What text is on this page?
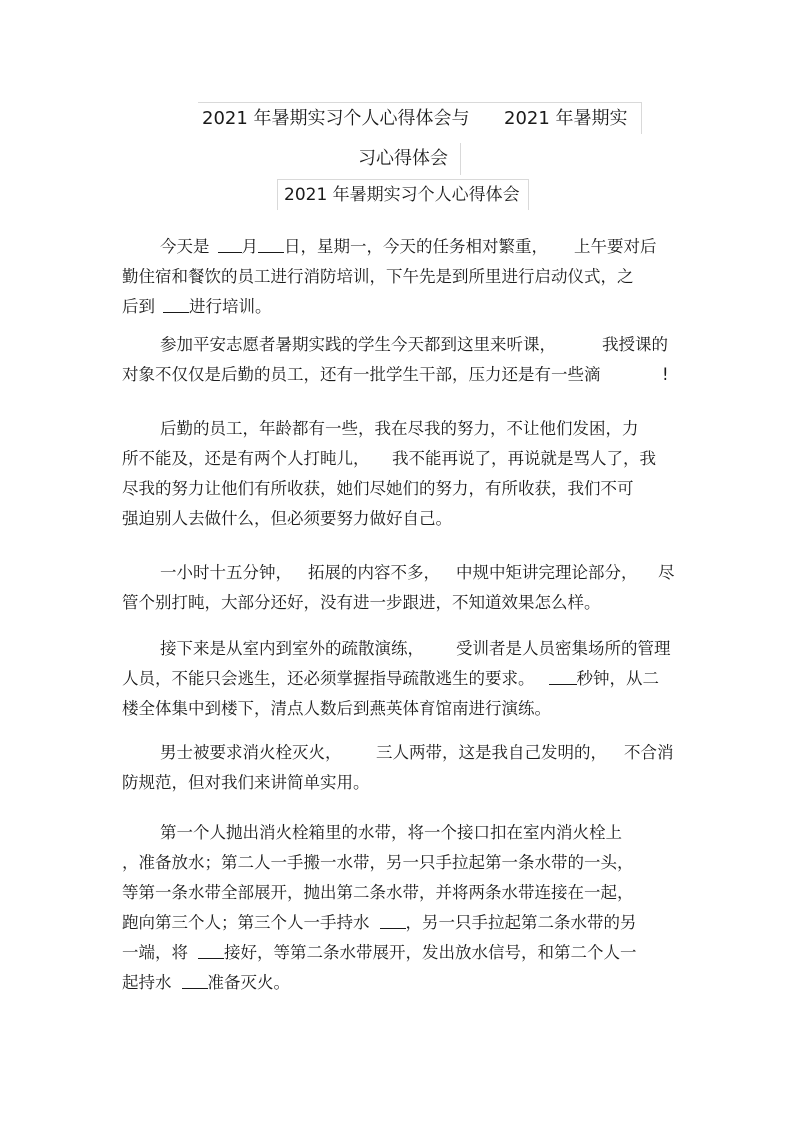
2021 年暑期实习个人心得体会与 2021 年暑期实
习心得体会
2021 年暑期实习个人心得体会
今天是 月 日，星期一，今天的任务相对繁重， 上午要对后
勤住宿和餐饮的员工进行消防培训，下午先是到所里进行启动仪式，之
后到 进行培训。
参加平安志愿者暑期实践的学生今天都到这里来听课，	我授课的
对象不仅仅是后勤的员工，还有一批学生干部，压力还是有一些滴	!
后勤的员工，年龄都有一些，我在尽我的努力，不让他们发困，力
所不能及，还是有两个人打盹儿， 我不能再说了，再说就是骂人了，我
尽我的努力让他们有所收获，她们尽她们的努力，有所收获，我们不可
强迫别人去做什么，但必须要努力做好自己。
一小时十五分钟， 拓展的内容不多， 中规中矩讲完理论部分， 尽
管个别打盹，大部分还好，没有进一步跟进，不知道效果怎么样。
接下来是从室内到室外的疏散演练， 受训者是人员密集场所的管理
人员，不能只会逃生，还必须掌握指导疏散逃生的要求。	秒钟，从二
楼全体集中到楼下，清点人数后到燕英体育馆南进行演练。
男士被要求消火栓灭火， 三人两带，这是我自己发明的， 不合消
防规范，但对我们来讲简单实用。
第一个人抛出消火栓箱里的水带，将一个接口扣在室内消火栓上
，准备放水；第二人一手搬一水带，另一只手拉起第一条水带的一头，
等第一条水带全部展开，抛出第二条水带，并将两条水带连接在一起，
跑向第三个人；第三个人一手持水 ，另一只手拉起第二条水带的另
一端，将 接好，等第二条水带展开，发出放水信号，和第二个人一
起持水 准备灭火。
